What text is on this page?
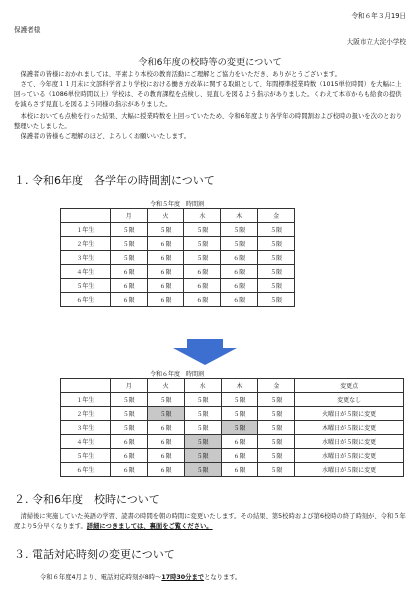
令和６年３月19日
保護者様
大阪市立大淀小学校
令和6年度の校時等の変更について

保護者の皆様におかれましては、平素より本校の教育活動にご理解とご協力をいただき、ありがとうございます。

さて、今年度１１月末に文部科学省より学校における働き方改革に関する取組として、年間標準授業時数（1015単位時間）を大幅に上回っている（1086単位時間以上）学校は、その教育課程を点検し、見直しを図るよう指示がありました。くわえて本市からも給食の提供を減らさず見直しを図るよう同様の指示がありました。

本校においても点検を行った結果、大幅に授業時数を上回っていたため、令和6年度より各学年の時間割および校時の扱いを次のとおり整理いたしました。

保護者の皆様もご理解のほど、よろしくお願いいたします。

１. 令和6年度　各学年の時間割について
令和５年度　時間割
	月	火	水	木	金
１年生	５限	５限	５限	５限	５限
２年生	５限	６限	５限	５限	５限
３年生	５限	６限	５限	６限	５限
４年生	６限	６限	６限	６限	５限
５年生	６限	６限	６限	６限	５限
６年生	６限	６限	６限	６限	５限
令和６年度　時間割
	月	火	水	木	金	変更点
１年生	５限	５限	５限	５限	５限	変更なし
２年生	５限	５限	５限	５限	５限	火曜日が５限に変更
３年生	５限	６限	５限	５限	５限	木曜日が５限に変更
４年生	６限	６限	５限	６限	５限	水曜日が５限に変更
５年生	６限	６限	５限	６限	５限	水曜日が５限に変更
６年生	６限	６限	５限	６限	５限	水曜日が５限に変更
２. 令和6年度　校時について

清掃後に実施していた英語の学習、読書の時間を朝の時間に変更いたします。その結果、第5校時および第6校時の終了時刻が、令和５年度より5分早くなります。詳細につきましては、裏面をご覧ください。

３. 電話対応時刻の変更について
令和６年度4月より、電話対応時刻が8時～17時30分までとなります。
